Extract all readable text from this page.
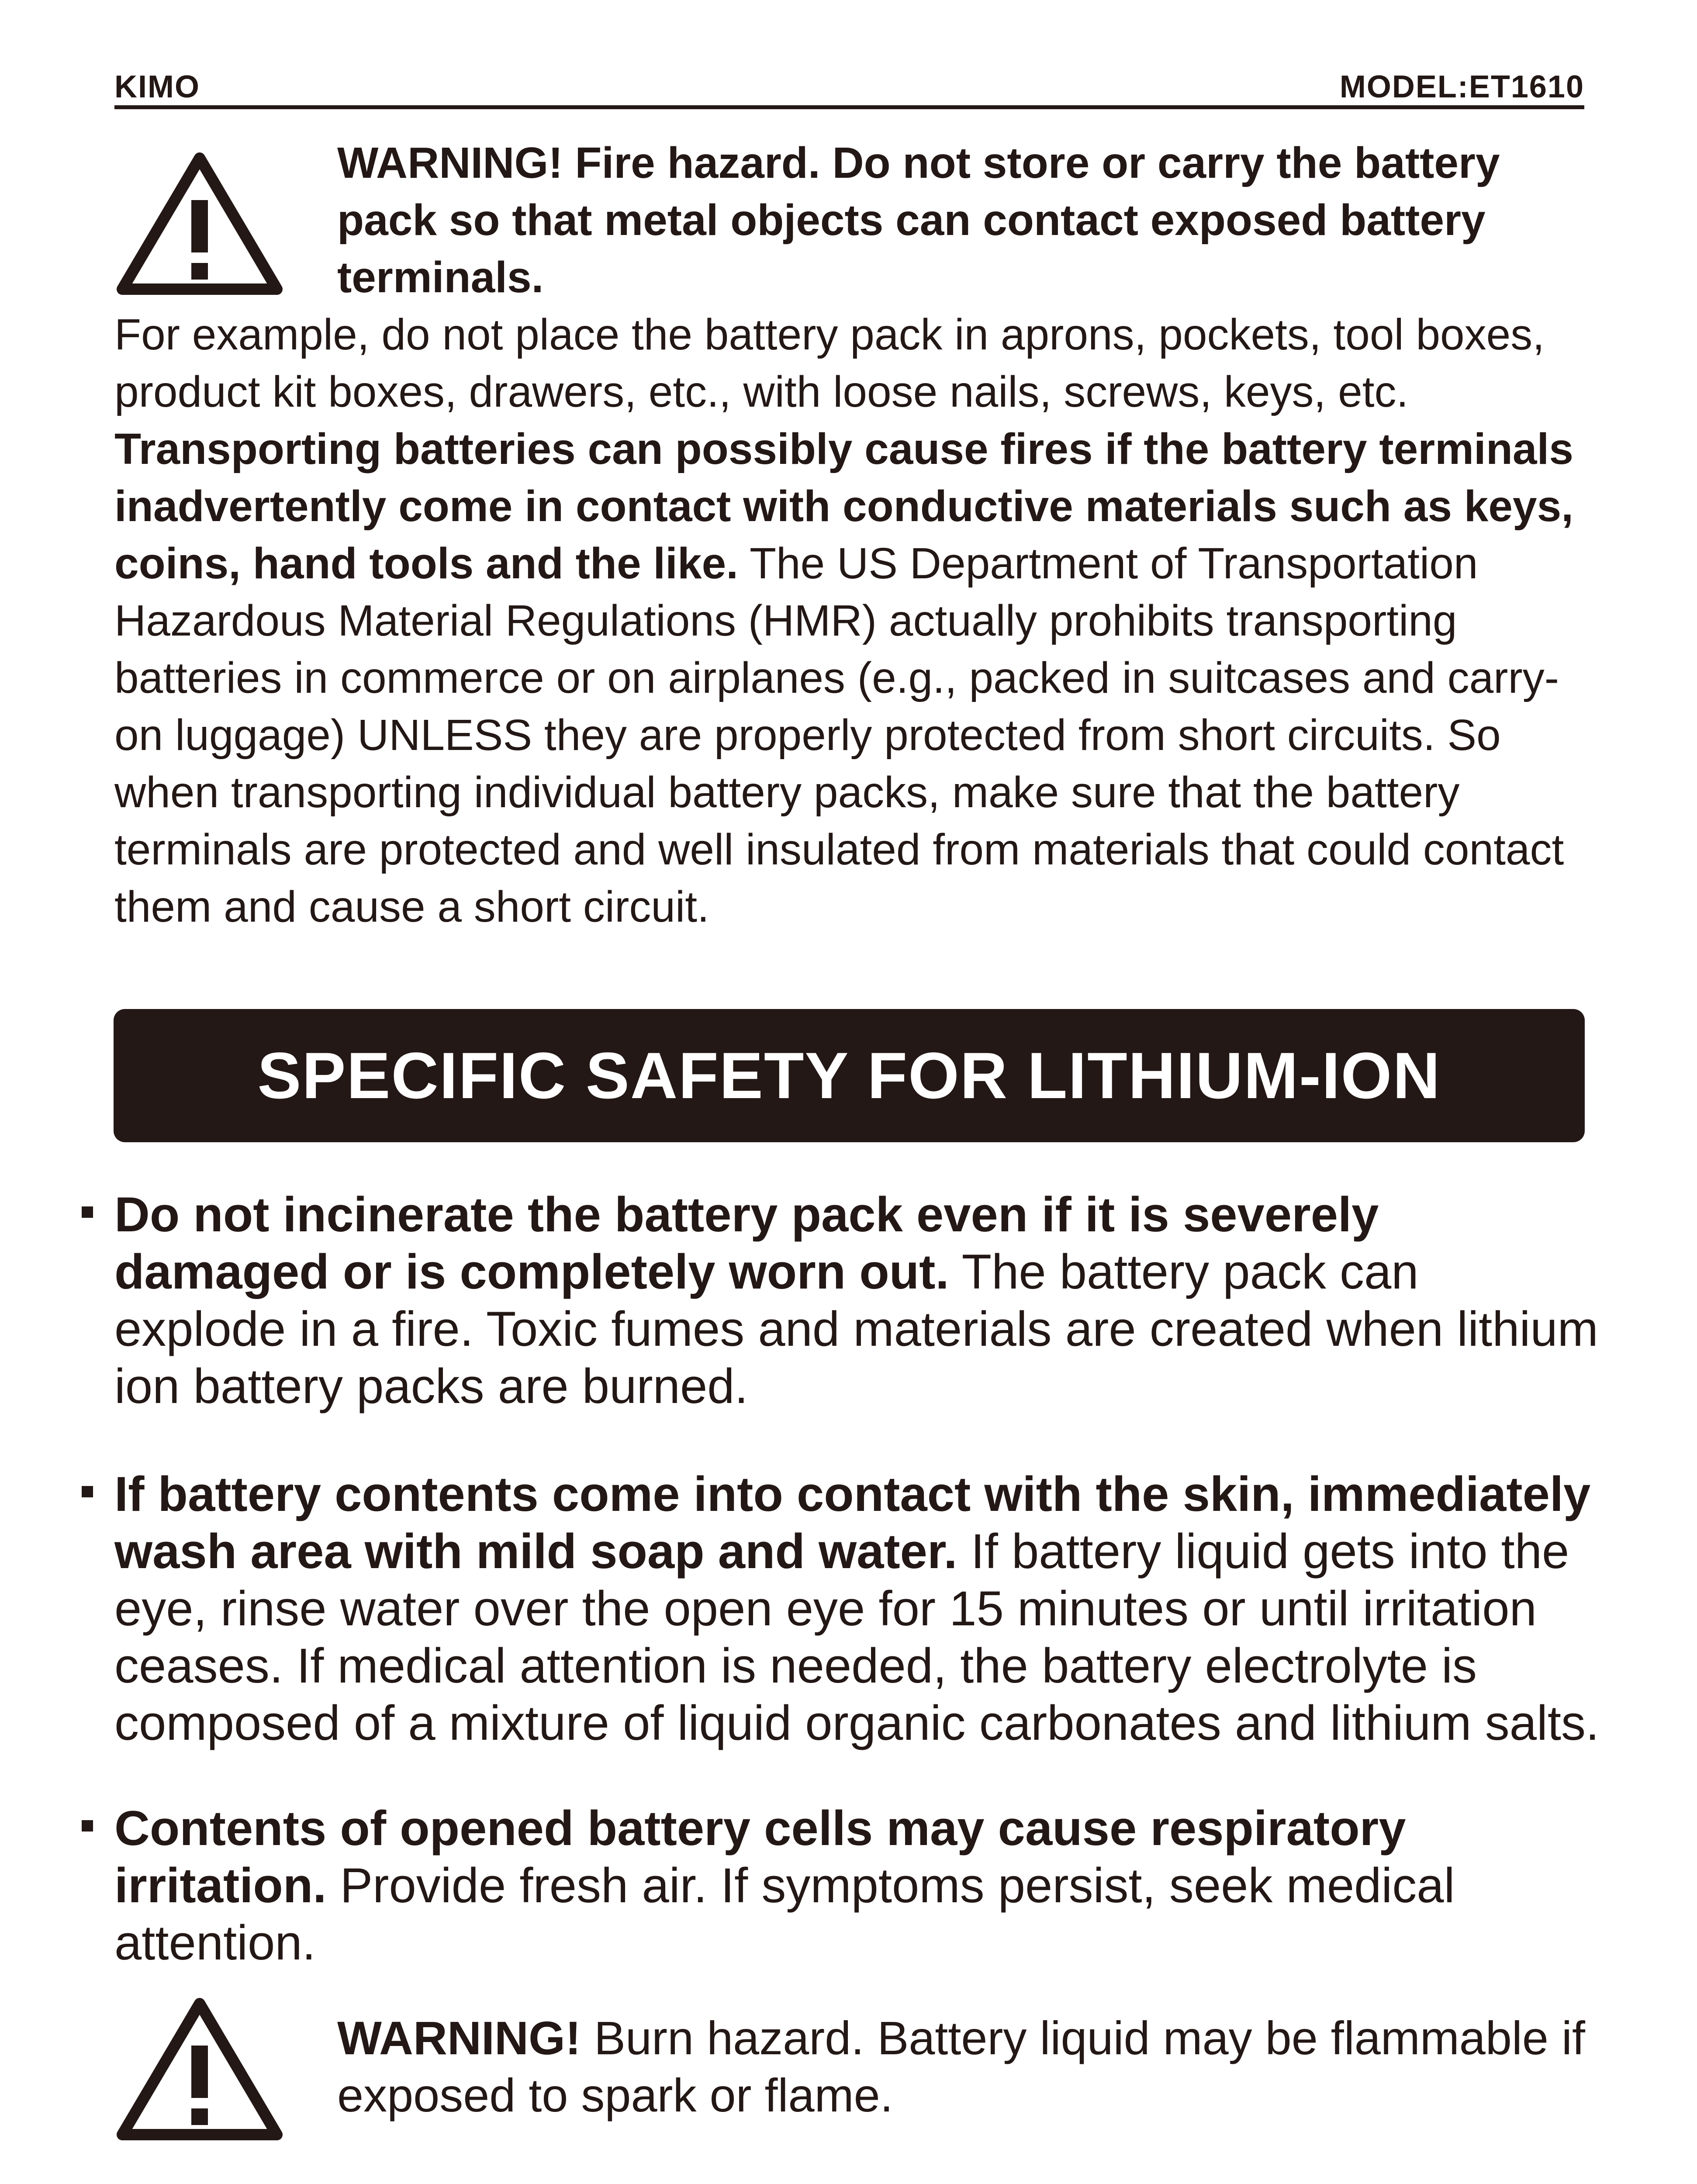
KIMO	MODEL:ET1610
WARNING! Fire hazard. Do not store or carry the battery pack so that metal objects can contact exposed battery terminals.
For example, do not place the battery pack in aprons, pockets, tool boxes, product kit boxes, drawers, etc., with loose nails, screws, keys, etc. Transporting batteries can possibly cause fires if the battery terminals inadvertently come in contact with conductive materials such as keys, coins, hand tools and the like. The US Department of Transportation Hazardous Material Regulations (HMR) actually prohibits transporting batteries in commerce or on airplanes (e.g., packed in suitcases and carry-on luggage) UNLESS they are properly protected from short circuits. So when transporting individual battery packs, make sure that the battery terminals are protected and well insulated from materials that could contact them and cause a short circuit.
SPECIFIC SAFETY FOR LITHIUM-ION
Do not incinerate the battery pack even if it is severely damaged or is completely worn out. The battery pack can explode in a fire. Toxic fumes and materials are created when lithium ion battery packs are burned.
If battery contents come into contact with the skin, immediately wash area with mild soap and water. If battery liquid gets into the eye, rinse water over the open eye for 15 minutes or until irritation ceases. If medical attention is needed, the battery electrolyte is composed of a mixture of liquid organic carbonates and lithium salts.
Contents of opened battery cells may cause respiratory irritation. Provide fresh air. If symptoms persist, seek medical attention.
WARNING! Burn hazard. Battery liquid may be flammable if exposed to spark or flame.
